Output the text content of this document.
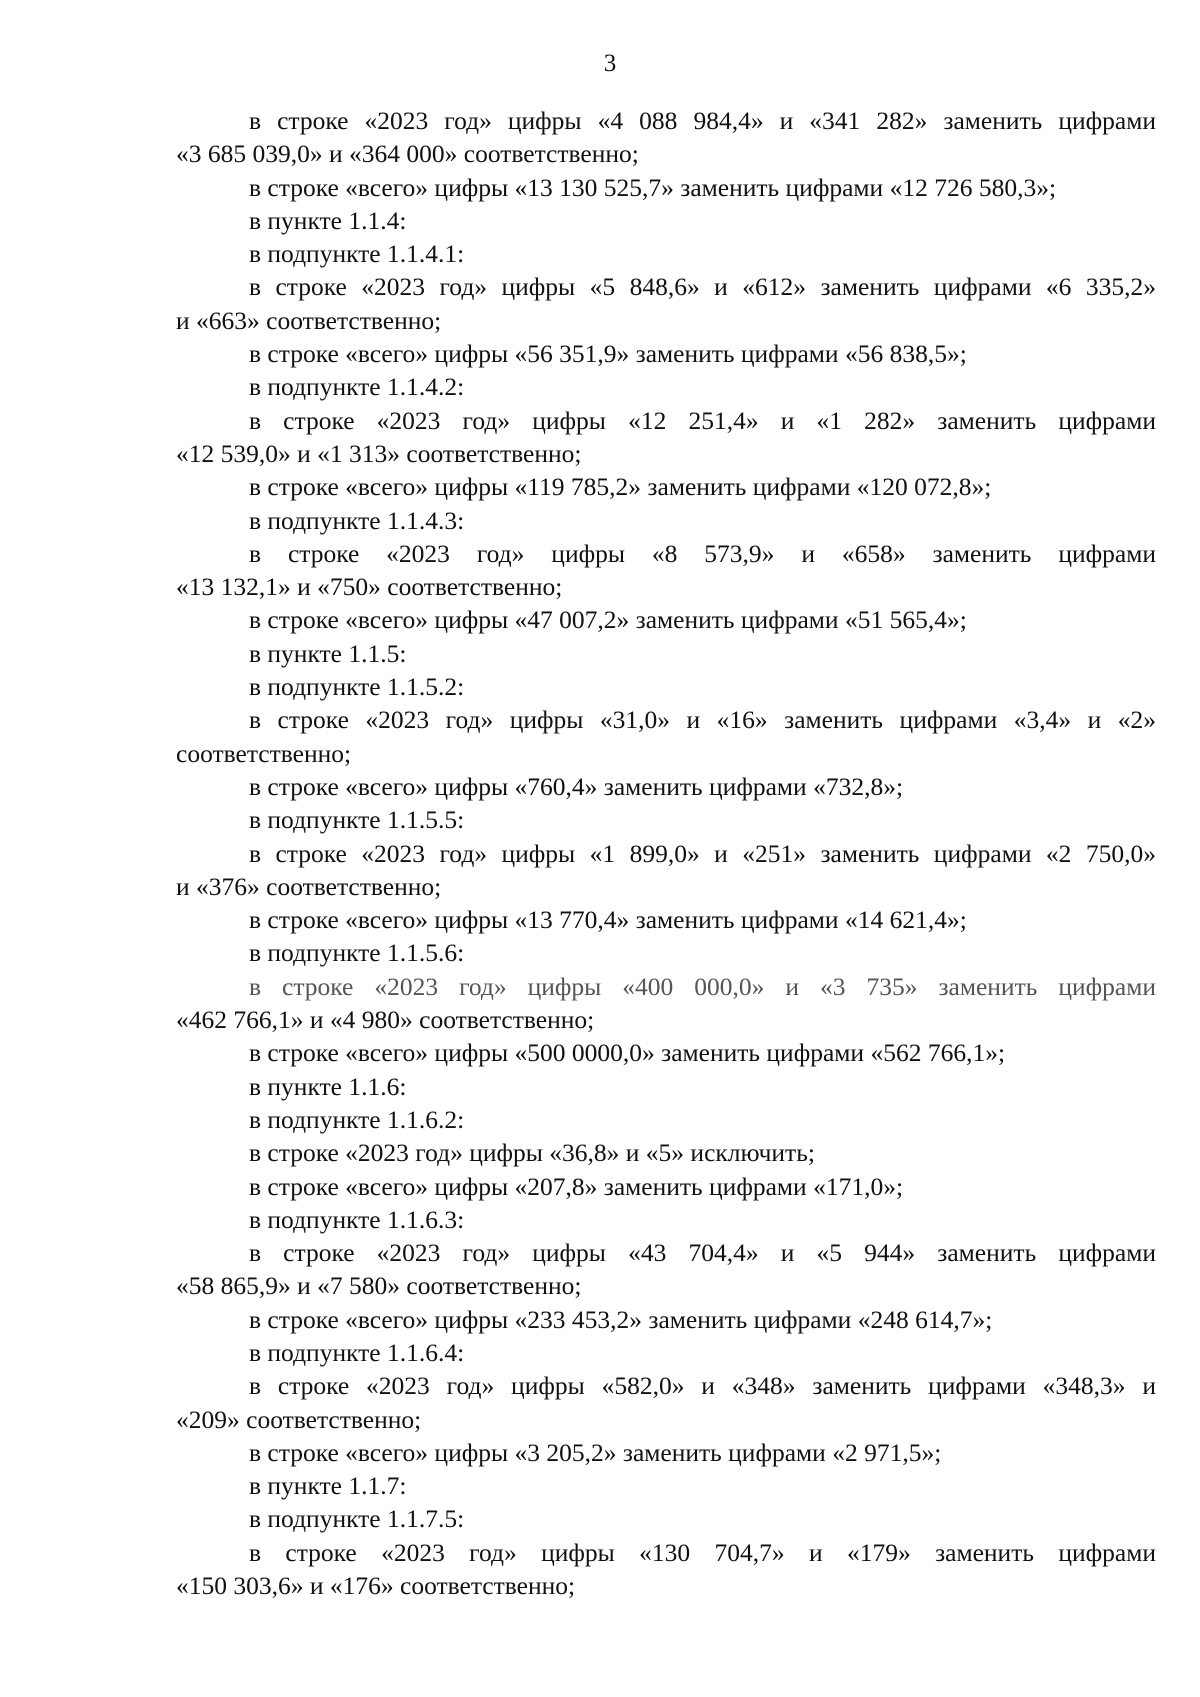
3
в строке «2023 год» цифры «4 088 984,4» и «341 282» заменить цифрами
«3 685 039,0» и «364 000» соответственно;
в строке «всего» цифры «13 130 525,7» заменить цифрами «12 726 580,3»;
в пункте 1.1.4:
в подпункте 1.1.4.1:
в строке «2023 год» цифры «5 848,6» и «612» заменить цифрами «6 335,2»
и «663» соответственно;
в строке «всего» цифры «56 351,9» заменить цифрами «56 838,5»;
в подпункте 1.1.4.2:
в строке «2023 год» цифры «12 251,4» и «1 282» заменить цифрами
«12 539,0» и «1 313» соответственно;
в строке «всего» цифры «119 785,2» заменить цифрами «120 072,8»;
в подпункте 1.1.4.3:
в строке «2023 год» цифры «8 573,9» и «658» заменить цифрами
«13 132,1» и «750» соответственно;
в строке «всего» цифры «47 007,2» заменить цифрами «51 565,4»;
в пункте 1.1.5:
в подпункте 1.1.5.2:
в строке «2023 год» цифры «31,0» и «16» заменить цифрами «3,4» и «2»
соответственно;
в строке «всего» цифры «760,4» заменить цифрами «732,8»;
в подпункте 1.1.5.5:
в строке «2023 год» цифры «1 899,0» и «251» заменить цифрами «2 750,0»
и «376» соответственно;
в строке «всего» цифры «13 770,4» заменить цифрами «14 621,4»;
в подпункте 1.1.5.6:
в строке «2023 год» цифры «400 000,0» и «3 735» заменить цифрами
«462 766,1» и «4 980» соответственно;
в строке «всего» цифры «500 0000,0» заменить цифрами «562 766,1»;
в пункте 1.1.6:
в подпункте 1.1.6.2:
в строке «2023 год» цифры «36,8» и «5» исключить;
в строке «всего» цифры «207,8» заменить цифрами «171,0»;
в подпункте 1.1.6.3:
в строке «2023 год» цифры «43 704,4» и «5 944» заменить цифрами
«58 865,9» и «7 580» соответственно;
в строке «всего» цифры «233 453,2» заменить цифрами «248 614,7»;
в подпункте 1.1.6.4:
в строке «2023 год» цифры «582,0» и «348» заменить цифрами «348,3» и
«209» соответственно;
в строке «всего» цифры «3 205,2» заменить цифрами «2 971,5»;
в пункте 1.1.7:
в подпункте 1.1.7.5:
в строке «2023 год» цифры «130 704,7» и «179» заменить цифрами
«150 303,6» и «176» соответственно;
